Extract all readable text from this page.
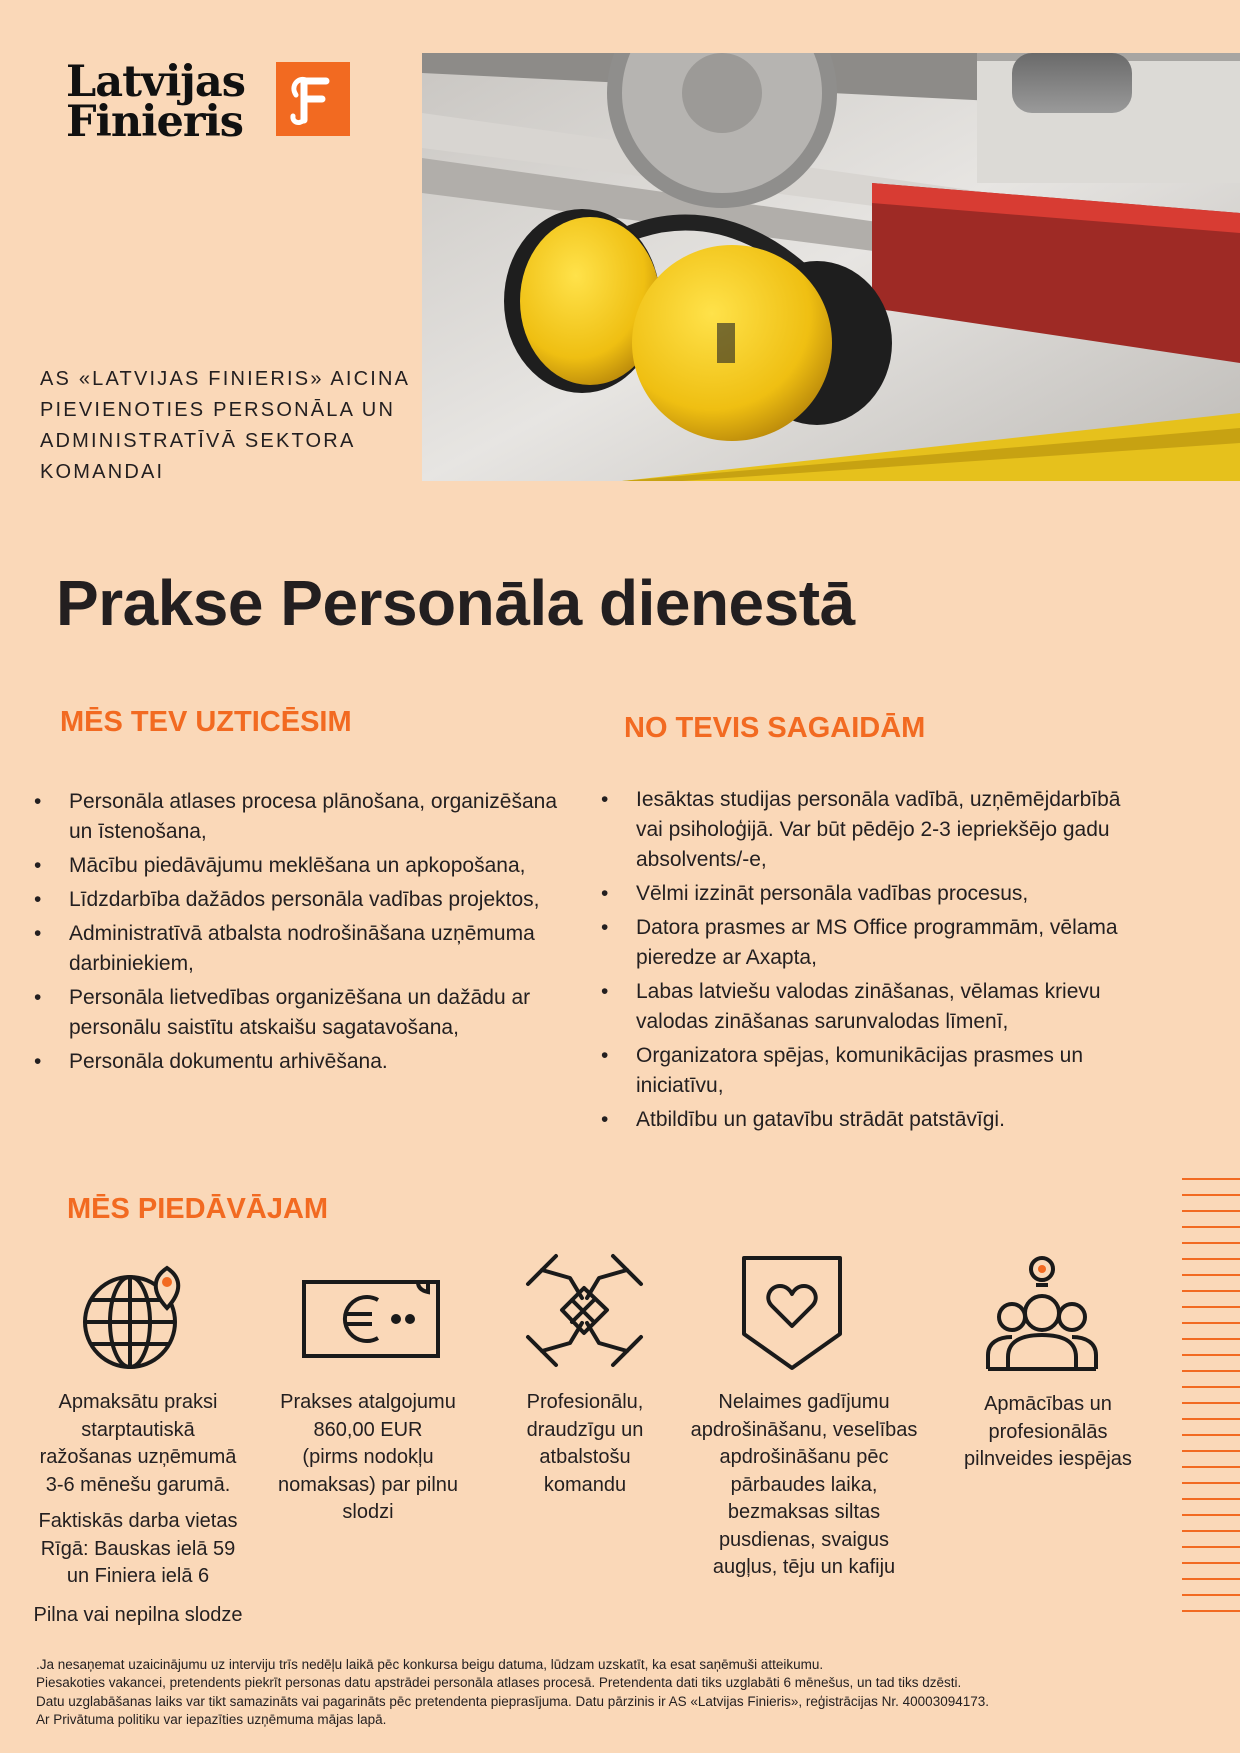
Latvijas
Finieris
AS «LATVIJAS FINIERIS» AICINA
PIEVIENOTIES PERSONĀLA UN
ADMINISTRATĪVĀ SEKTORA
KOMANDAI
Prakse Personāla dienestā
MĒS TEV UZTICĒSIM
• Personāla atlases procesa plānošana, organizēšana un īstenošana,
• Mācību piedāvājumu meklēšana un apkopošana,
• Līdzdarbība dažādos personāla vadības projektos,
• Administratīvā atbalsta nodrošināšana uzņēmuma darbiniekiem,
• Personāla lietvedības organizēšana un dažādu ar personālu saistītu atskaišu sagatavošana,
• Personāla dokumentu arhivēšana.
NO TEVIS SAGAIDĀM
• Iesāktas studijas personāla vadībā, uzņēmējdarbībā vai psiholoģijā. Var būt pēdējo 2-3 iepriekšējo gadu absolvents/-e,
• Vēlmi izzināt personāla vadības procesus,
• Datora prasmes ar MS Office programmām, vēlama pieredze ar Axapta,
• Labas latviešu valodas zināšanas, vēlamas krievu valodas zināšanas sarunvalodas līmenī,
• Organizatora spējas, komunikācijas prasmes un iniciatīvu,
• Atbildību un gatavību strādāt patstāvīgi.
MĒS PIEDĀVĀJAM
Apmaksātu praksi
starptautiskā
ražošanas uzņēmumā
3-6 mēnešu garumā.
Faktiskās darba vietas
Rīgā: Bauskas ielā 59
un Finiera ielā 6
Pilna vai nepilna slodze
Prakses atalgojumu
860,00 EUR
(pirms nodokļu
nomaksas) par pilnu
slodzi
Profesionālu,
draudzīgu un
atbalstošu
komandu
Nelaimes gadījumu
apdrošināšanu, veselības
apdrošināšanu pēc
pārbaudes laika,
bezmaksas siltas
pusdienas, svaigus
augļus, tēju un kafiju
Apmācības un
profesionālās
pilnveides iespējas
.Ja nesaņemat uzaicinājumu uz interviju trīs nedēļu laikā pēc konkursa beigu datuma, lūdzam uzskatīt, ka esat saņēmuši atteikumu.
Piesakoties vakancei, pretendents piekrīt personas datu apstrādei personāla atlases procesā. Pretendenta dati tiks uzglabāti 6 mēnešus, un tad tiks dzēsti.
Datu uzglabāšanas laiks var tikt samazināts vai pagarināts pēc pretendenta pieprasījuma. Datu pārzinis ir AS «Latvijas Finieris», reģistrācijas Nr. 40003094173.
Ar Privātuma politiku var iepazīties uzņēmuma mājas lapā.
